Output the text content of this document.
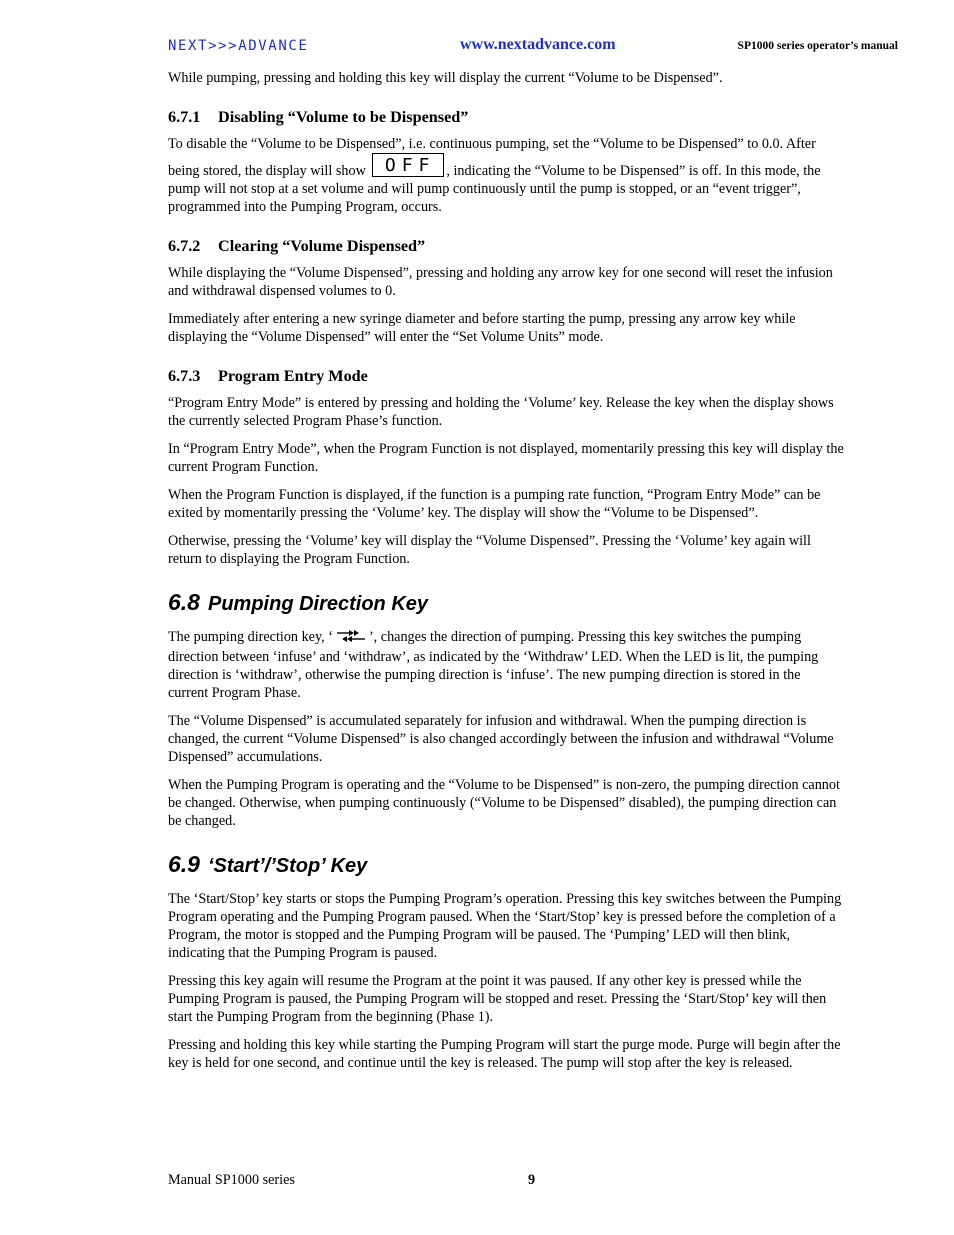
NEXT>>>ADVANCE	www.nextadvance.com	SP1000 series operator’s manual

While pumping, pressing and holding this key will display the current “Volume to be Dispensed”.

6.7.1 Disabling “Volume to be Dispensed”

To disable the “Volume to be Dispensed”, i.e. continuous pumping, set the “Volume to be Dispensed” to 0.0. After being stored, the display will show OFF , indicating the “Volume to be Dispensed” is off. In this mode, the pump will not stop at a set volume and will pump continuously until the pump is stopped, or an “event trigger”, programmed into the Pumping Program, occurs.

6.7.2 Clearing “Volume Dispensed”

While displaying the “Volume Dispensed”, pressing and holding any arrow key for one second will reset the infusion and withdrawal dispensed volumes to 0.

Immediately after entering a new syringe diameter and before starting the pump, pressing any arrow key while displaying the “Volume Dispensed” will enter the “Set Volume Units” mode.

6.7.3 Program Entry Mode

“Program Entry Mode” is entered by pressing and holding the ‘Volume’ key. Release the key when the display shows the currently selected Program Phase’s function.

In “Program Entry Mode”, when the Program Function is not displayed, momentarily pressing this key will display the current Program Function.

When the Program Function is displayed, if the function is a pumping rate function, “Program Entry Mode” can be exited by momentarily pressing the ‘Volume’ key. The display will show the “Volume to be Dispensed”.

Otherwise, pressing the ‘Volume’ key will display the “Volume Dispensed”. Pressing the ‘Volume’ key again will return to displaying the Program Function.

6.8 Pumping Direction Key

The pumping direction key, ‘	’, changes the direction of pumping. Pressing this key switches the pumping direction between ‘infuse’ and ‘withdraw’, as indicated by the ‘Withdraw’ LED. When the LED is lit, the pumping direction is ‘withdraw’, otherwise the pumping direction is ‘infuse’. The new pumping direction is stored in the current Program Phase.

The “Volume Dispensed” is accumulated separately for infusion and withdrawal. When the pumping direction is changed, the current “Volume Dispensed” is also changed accordingly between the infusion and withdrawal “Volume Dispensed” accumulations.

When the Pumping Program is operating and the “Volume to be Dispensed” is non-zero, the pumping direction cannot be changed. Otherwise, when pumping continuously (“Volume to be Dispensed” disabled), the pumping direction can be changed.

6.9 ‘Start’/’Stop’ Key

The ‘Start/Stop’ key starts or stops the Pumping Program’s operation. Pressing this key switches between the Pumping Program operating and the Pumping Program paused. When the ‘Start/Stop’ key is pressed before the completion of a Program, the motor is stopped and the Pumping Program will be paused. The ‘Pumping’ LED will then blink, indicating that the Pumping Program is paused.

Pressing this key again will resume the Program at the point it was paused. If any other key is pressed while the Pumping Program is paused, the Pumping Program will be stopped and reset. Pressing the ‘Start/Stop’ key will then start the Pumping Program from the beginning (Phase 1).

Pressing and holding this key while starting the Pumping Program will start the purge mode. Purge will begin after the key is held for one second, and continue until the key is released. The pump will stop after the key is released.

Manual SP1000 series	9
